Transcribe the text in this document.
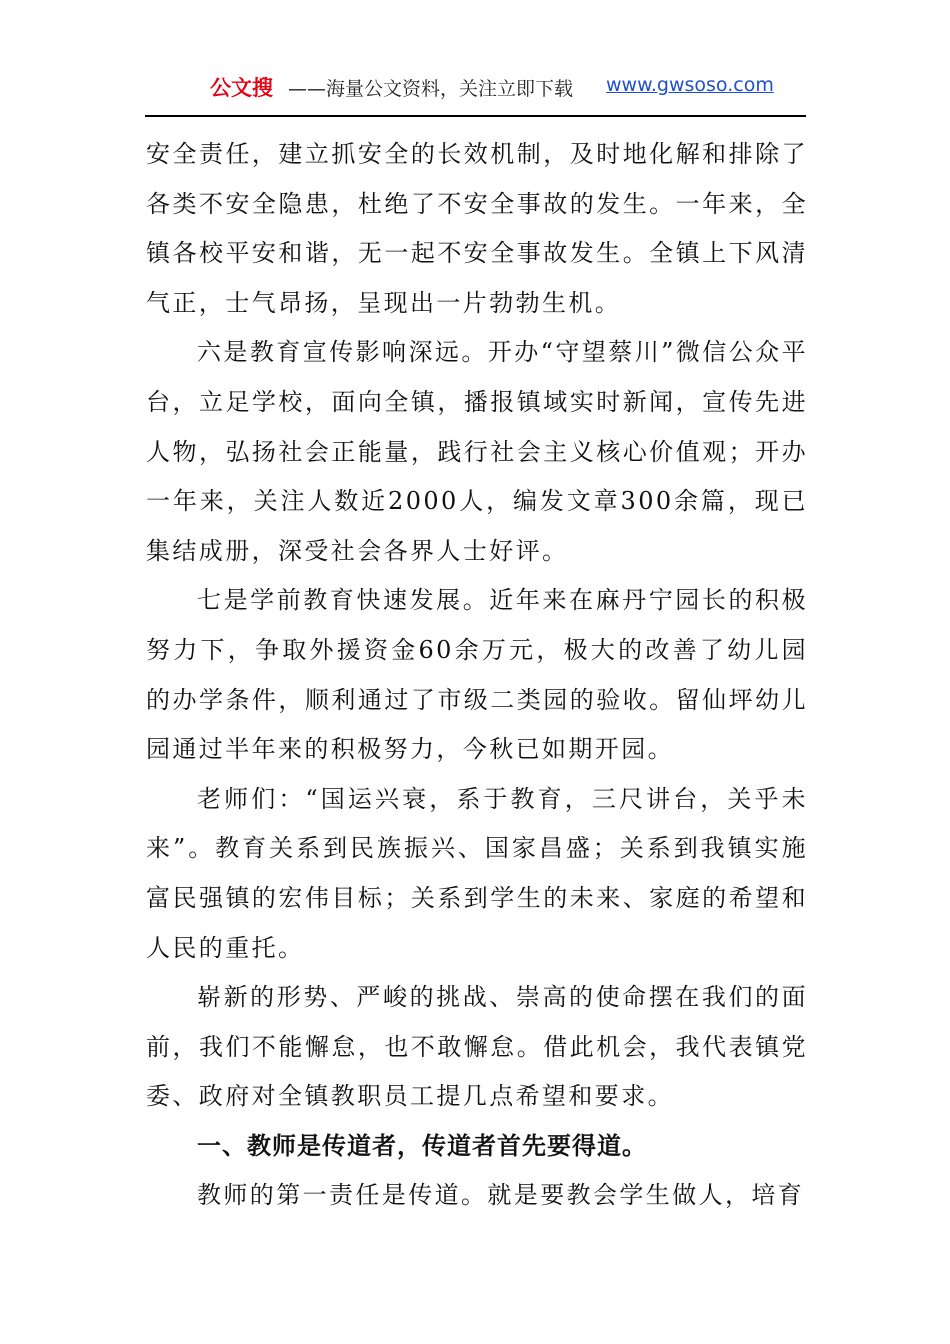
公文搜 ——海量公文资料，关注立即下载 www.gwsoso.com

安全责任，建立抓安全的长效机制，及时地化解和排除了各类不安全隐患，杜绝了不安全事故的发生。一年来，全镇各校平安和谐，无一起不安全事故发生。全镇上下风清气正，士气昂扬，呈现出一片勃勃生机。

六是教育宣传影响深远。开办“守望蔡川”微信公众平台，立足学校，面向全镇，播报镇域实时新闻，宣传先进人物，弘扬社会正能量，践行社会主义核心价值观；开办一年来，关注人数近2000人，编发文章300余篇，现已集结成册，深受社会各界人士好评。

七是学前教育快速发展。近年来在麻丹宁园长的积极努力下，争取外援资金60余万元，极大的改善了幼儿园的办学条件，顺利通过了市级二类园的验收。留仙坪幼儿园通过半年来的积极努力，今秋已如期开园。

老师们：“国运兴衰，系于教育，三尺讲台，关乎未来”。教育关系到民族振兴、国家昌盛；关系到我镇实施富民强镇的宏伟目标；关系到学生的未来、家庭的希望和人民的重托。

崭新的形势、严峻的挑战、崇高的使命摆在我们的面前，我们不能懈怠，也不敢懈怠。借此机会，我代表镇党委、政府对全镇教职员工提几点希望和要求。

一、教师是传道者，传道者首先要得道。

教师的第一责任是传道。就是要教会学生做人，培育
